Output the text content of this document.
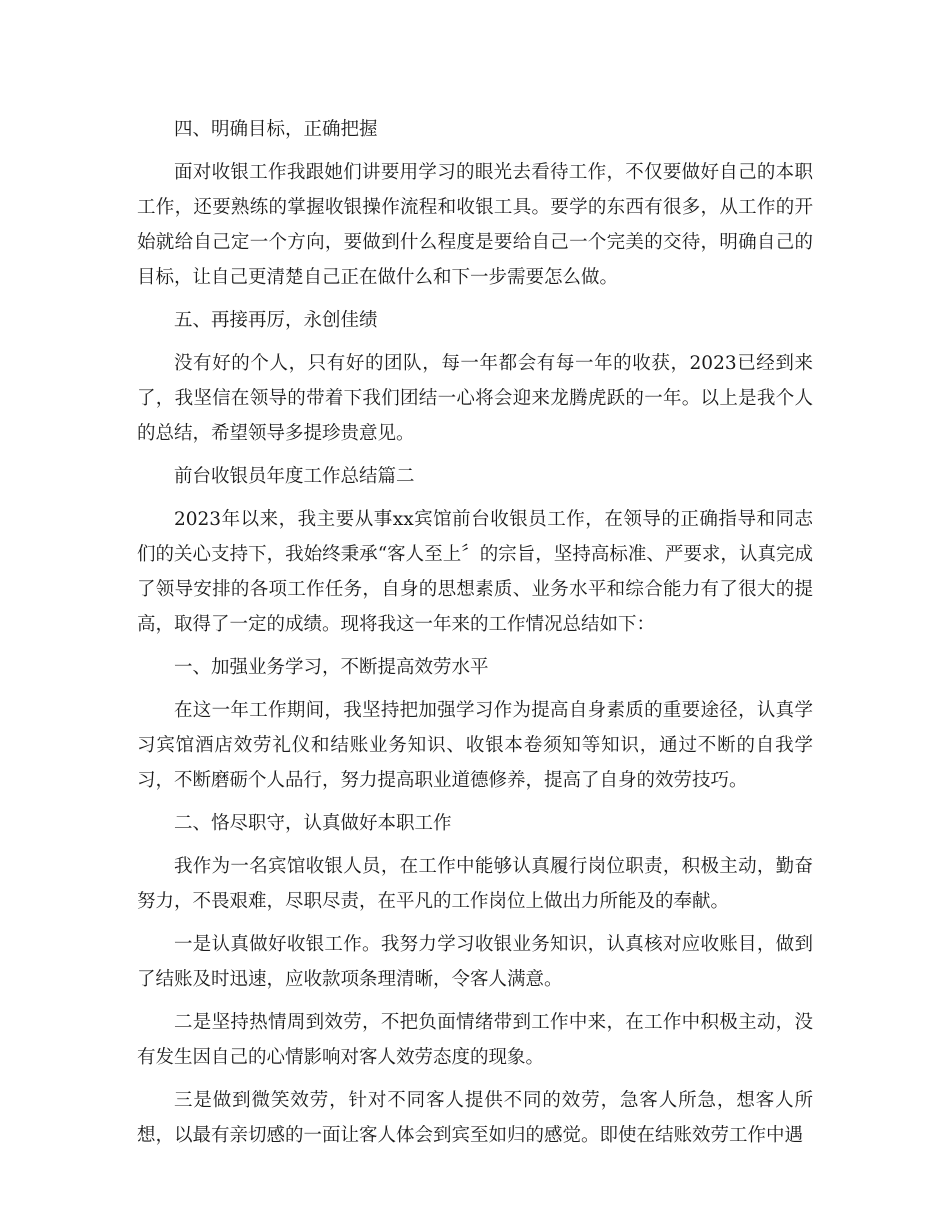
四、明确目标，正确把握

面对收银工作我跟她们讲要用学习的眼光去看待工作，不仅要做好自己的本职工作，还要熟练的掌握收银操作流程和收银工具。要学的东西有很多，从工作的开始就给自己定一个方向，要做到什么程度是要给自己一个完美的交待，明确自己的目标，让自己更清楚自己正在做什么和下一步需要怎么做。

五、再接再厉，永创佳绩

没有好的个人，只有好的团队，每一年都会有每一年的收获，2023已经到来了，我坚信在领导的带着下我们团结一心将会迎来龙腾虎跃的一年。以上是我个人的总结，希望领导多提珍贵意见。

前台收银员年度工作总结篇二

2023年以来，我主要从事xx宾馆前台收银员工作，在领导的正确指导和同志们的关心支持下，我始终秉承“客人至上〞的宗旨，坚持高标准、严要求，认真完成了领导安排的各项工作任务，自身的思想素质、业务水平和综合能力有了很大的提高，取得了一定的成绩。现将我这一年来的工作情况总结如下：

一、加强业务学习，不断提高效劳水平

在这一年工作期间，我坚持把加强学习作为提高自身素质的重要途径，认真学习宾馆酒店效劳礼仪和结账业务知识、收银本卷须知等知识，通过不断的自我学习，不断磨砺个人品行，努力提高职业道德修养，提高了自身的效劳技巧。

二、恪尽职守，认真做好本职工作

我作为一名宾馆收银人员，在工作中能够认真履行岗位职责，积极主动，勤奋努力，不畏艰难，尽职尽责，在平凡的工作岗位上做出力所能及的奉献。

一是认真做好收银工作。我努力学习收银业务知识，认真核对应收账目，做到了结账及时迅速，应收款项条理清晰，令客人满意。

二是坚持热情周到效劳，不把负面情绪带到工作中来，在工作中积极主动，没有发生因自己的心情影响对客人效劳态度的现象。

三是做到微笑效劳，针对不同客人提供不同的效劳，急客人所急，想客人所想，以最有亲切感的一面让客人体会到宾至如归的感觉。即使在结账效劳工作中遇
